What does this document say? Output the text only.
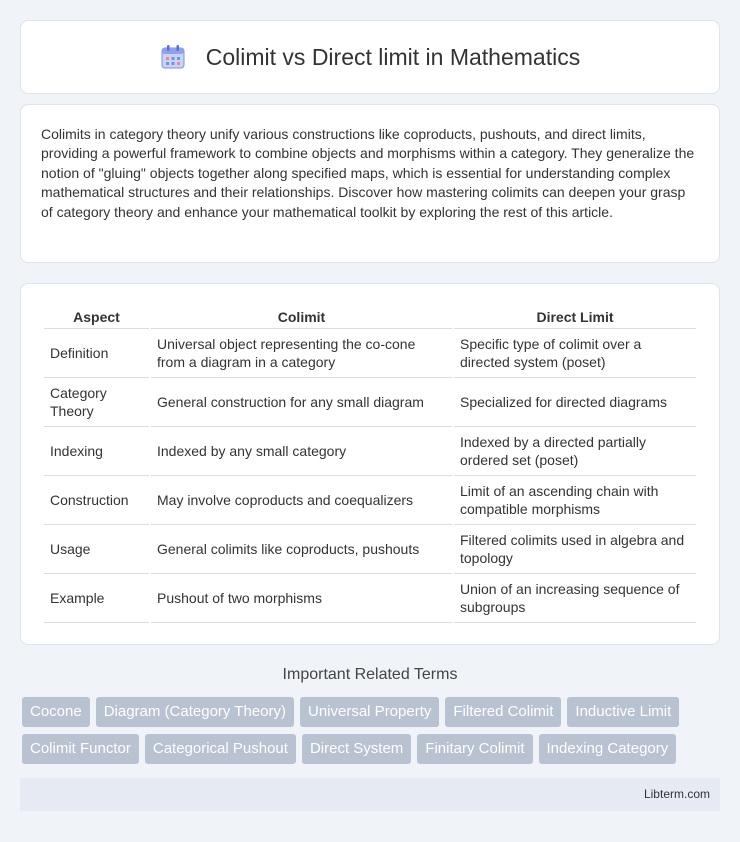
Colimit vs Direct limit in Mathematics

Colimits in category theory unify various constructions like coproducts, pushouts, and direct limits, providing a powerful framework to combine objects and morphisms within a category. They generalize the notion of "gluing" objects together along specified maps, which is essential for understanding complex mathematical structures and their relationships. Discover how mastering colimits can deepen your grasp of category theory and enhance your mathematical toolkit by exploring the rest of this article.

Aspect	Colimit	Direct Limit
Definition	Universal object representing the co-cone from a diagram in a category	Specific type of colimit over a directed system (poset)
Category Theory	General construction for any small diagram	Specialized for directed diagrams
Indexing	Indexed by any small category	Indexed by a directed partially ordered set (poset)
Construction	May involve coproducts and coequalizers	Limit of an ascending chain with compatible morphisms
Usage	General colimits like coproducts, pushouts	Filtered colimits used in algebra and topology
Example	Pushout of two morphisms	Union of an increasing sequence of subgroups
Important Related Terms
Cocone	Diagram (Category Theory)	Universal Property	Filtered Colimit	Inductive Limit
Colimit Functor	Categorical Pushout	Direct System	Finitary Colimit	Indexing Category
Libterm.com
